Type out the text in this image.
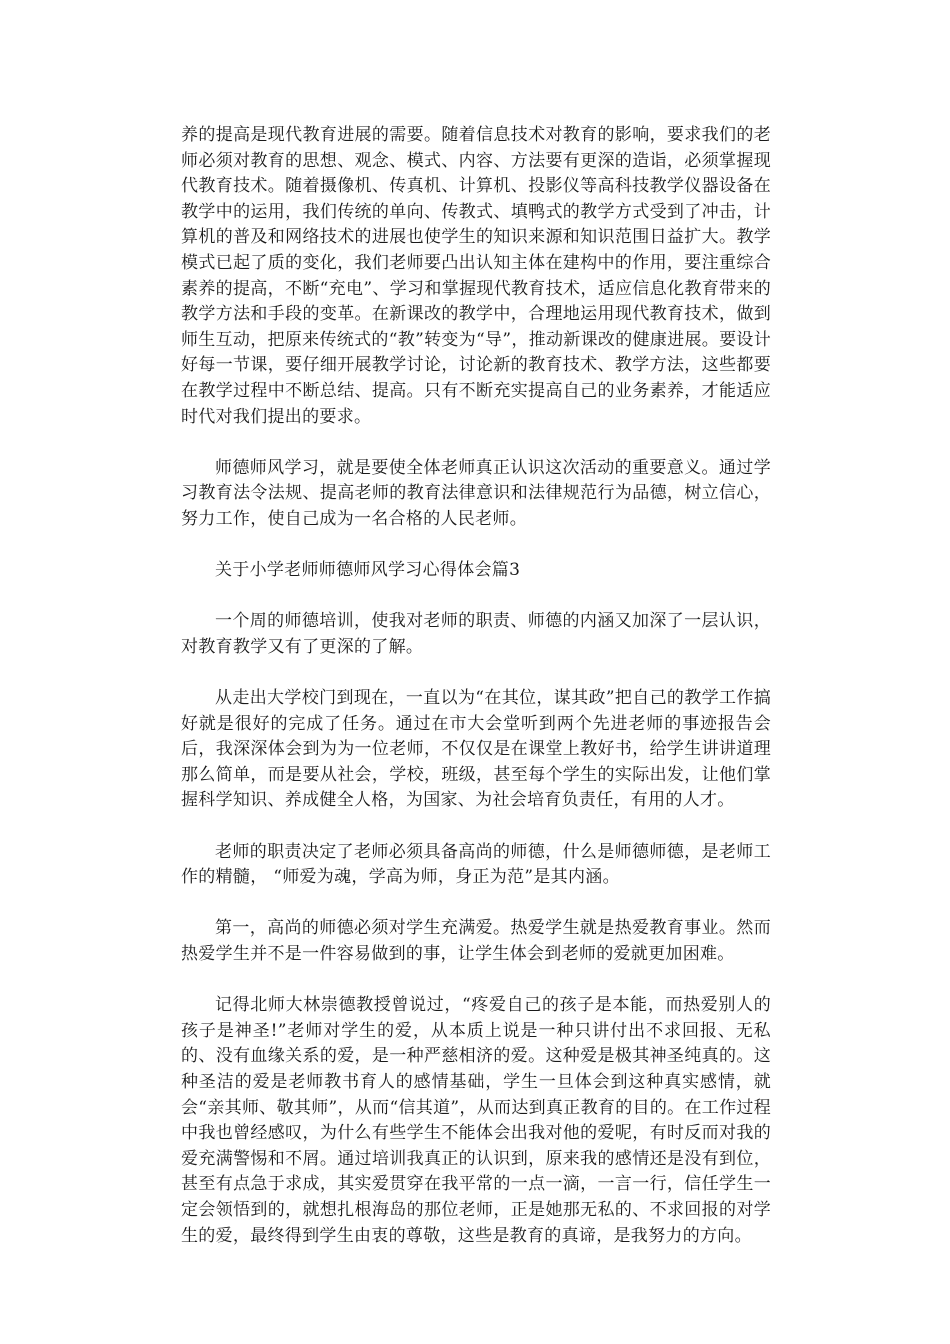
养的提高是现代教育进展的需要。随着信息技术对教育的影响，要求我们的老师必须对教育的思想、观念、模式、内容、方法要有更深的造诣，必须掌握现代教育技术。随着摄像机、传真机、计算机、投影仪等高科技教学仪器设备在教学中的运用，我们传统的单向、传教式、填鸭式的教学方式受到了冲击，计算机的普及和网络技术的进展也使学生的知识来源和知识范围日益扩大。教学模式已起了质的变化，我们老师要凸出认知主体在建构中的作用，要注重综合素养的提高，不断“充电”、学习和掌握现代教育技术，适应信息化教育带来的教学方法和手段的变革。在新课改的教学中，合理地运用现代教育技术，做到师生互动，把原来传统式的“教”转变为“导”，推动新课改的健康进展。要设计好每一节课，要仔细开展教学讨论，讨论新的教育技术、教学方法，这些都要在教学过程中不断总结、提高。只有不断充实提高自己的业务素养，才能适应时代对我们提出的要求。

师德师风学习，就是要使全体老师真正认识这次活动的重要意义。通过学习教育法令法规、提高老师的教育法律意识和法律规范行为品德，树立信心，努力工作，使自己成为一名合格的人民老师。

关于小学老师师德师风学习心得体会篇3

一个周的师德培训，使我对老师的职责、师德的内涵又加深了一层认识，对教育教学又有了更深的了解。

从走出大学校门到现在，一直以为“在其位，谋其政”把自己的教学工作搞好就是很好的完成了任务。通过在市大会堂听到两个先进老师的事迹报告会后，我深深体会到为为一位老师，不仅仅是在课堂上教好书，给学生讲讲道理那么简单，而是要从社会，学校，班级，甚至每个学生的实际出发，让他们掌握科学知识、养成健全人格，为国家、为社会培育负责任，有用的人才。

老师的职责决定了老师必须具备高尚的师德，什么是师德师德，是老师工作的精髓， “师爱为魂，学高为师，身正为范”是其内涵。

第一，高尚的师德必须对学生充满爱。热爱学生就是热爱教育事业。然而热爱学生并不是一件容易做到的事，让学生体会到老师的爱就更加困难。

记得北师大林崇德教授曾说过，“疼爱自己的孩子是本能，而热爱别人的孩子是神圣!”老师对学生的爱，从本质上说是一种只讲付出不求回报、无私的、没有血缘关系的爱，是一种严慈相济的爱。这种爱是极其神圣纯真的。这种圣洁的爱是老师教书育人的感情基础，学生一旦体会到这种真实感情，就会“亲其师、敬其师”，从而“信其道”，从而达到真正教育的目的。在工作过程中我也曾经感叹，为什么有些学生不能体会出我对他的爱呢，有时反而对我的爱充满警惕和不屑。通过培训我真正的认识到，原来我的感情还是没有到位，甚至有点急于求成，其实爱贯穿在我平常的一点一滴，一言一行，信任学生一定会领悟到的，就想扎根海岛的那位老师，正是她那无私的、不求回报的对学生的爱，最终得到学生由衷的尊敬，这些是教育的真谛，是我努力的方向。
